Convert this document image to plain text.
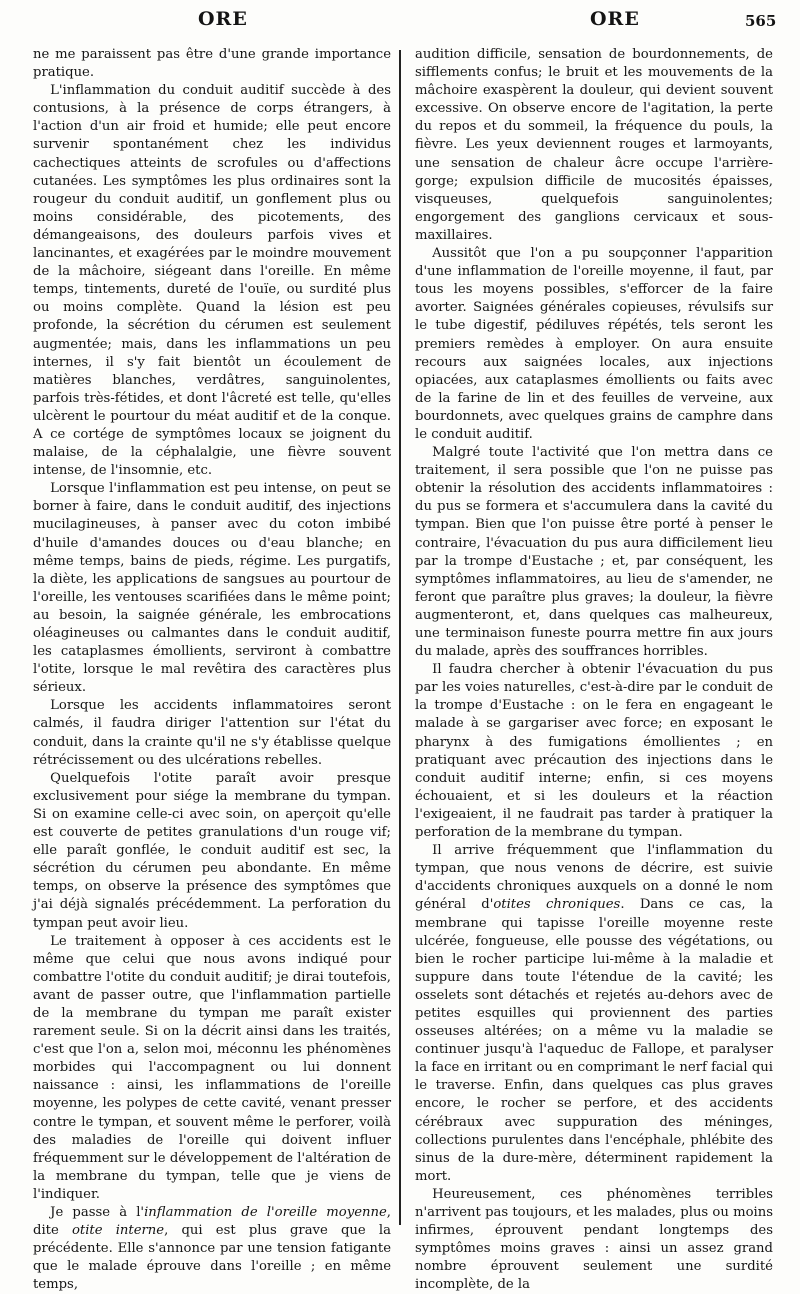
ORE	ORE	565

ne me paraissent pas être d'une grande importance pratique.

L'inflammation du conduit auditif succède à des contusions, à la présence de corps étrangers, à l'action d'un air froid et humide; elle peut encore survenir spontanément chez les individus cachectiques atteints de scrofules ou d'affections cutanées. Les symptômes les plus ordinaires sont la rougeur du conduit auditif, un gonflement plus ou moins considérable, des picotements, des démangeaisons, des douleurs parfois vives et lancinantes, et exagérées par le moindre mouvement de la mâchoire, siégeant dans l'oreille. En même temps, tintements, dureté de l'ouïe, ou surdité plus ou moins complète. Quand la lésion est peu profonde, la sécrétion du cérumen est seulement augmentée; mais, dans les inflammations un peu internes, il s'y fait bientôt un écoulement de matières blanches, verdâtres, sanguinolentes, parfois très-fétides, et dont l'âcreté est telle, qu'elles ulcèrent le pourtour du méat auditif et de la conque. A ce cortége de symptômes locaux se joignent du malaise, de la céphalalgie, une fièvre souvent intense, de l'insomnie, etc.

Lorsque l'inflammation est peu intense, on peut se borner à faire, dans le conduit auditif, des injections mucilagineuses, à panser avec du coton imbibé d'huile d'amandes douces ou d'eau blanche; en même temps, bains de pieds, régime. Les purgatifs, la diète, les applications de sangsues au pourtour de l'oreille, les ventouses scarifiées dans le même point; au besoin, la saignée générale, les embrocations oléagineuses ou calmantes dans le conduit auditif, les cataplasmes émollients, serviront à combattre l'otite, lorsque le mal revêtira des caractères plus sérieux.

Lorsque les accidents inflammatoires seront calmés, il faudra diriger l'attention sur l'état du conduit, dans la crainte qu'il ne s'y établisse quelque rétrécissement ou des ulcérations rebelles.

Quelquefois l'otite paraît avoir presque exclusivement pour siége la membrane du tympan. Si on examine celle-ci avec soin, on aperçoit qu'elle est couverte de petites granulations d'un rouge vif; elle paraît gonflée, le conduit auditif est sec, la sécrétion du cérumen peu abondante. En même temps, on observe la présence des symptômes que j'ai déjà signalés précédemment. La perforation du tympan peut avoir lieu.

Le traitement à opposer à ces accidents est le même que celui que nous avons indiqué pour combattre l'otite du conduit auditif; je dirai toutefois, avant de passer outre, que l'inflammation partielle de la membrane du tympan me paraît exister rarement seule. Si on la décrit ainsi dans les traités, c'est que l'on a, selon moi, méconnu les phénomènes morbides qui l'accompagnent ou lui donnent naissance : ainsi, les inflammations de l'oreille moyenne, les polypes de cette cavité, venant presser contre le tympan, et souvent même le perforer, voilà des maladies de l'oreille qui doivent influer fréquemment sur le développement de l'altération de la membrane du tympan, telle que je viens de l'indiquer.

Je passe à l'inflammation de l'oreille moyenne, dite otite interne, qui est plus grave que la précédente. Elle s'annonce par une tension fatigante que le malade éprouve dans l'oreille ; en même temps,

audition difficile, sensation de bourdonnements, de sifflements confus; le bruit et les mouvements de la mâchoire exaspèrent la douleur, qui devient souvent excessive. On observe encore de l'agitation, la perte du repos et du sommeil, la fréquence du pouls, la fièvre. Les yeux deviennent rouges et larmoyants, une sensation de chaleur âcre occupe l'arrière-gorge; expulsion difficile de mucosités épaisses, visqueuses, quelquefois sanguinolentes; engorgement des ganglions cervicaux et sous-maxillaires.

Aussitôt que l'on a pu soupçonner l'apparition d'une inflammation de l'oreille moyenne, il faut, par tous les moyens possibles, s'efforcer de la faire avorter. Saignées générales copieuses, révulsifs sur le tube digestif, pédiluves répétés, tels seront les premiers remèdes à employer. On aura ensuite recours aux saignées locales, aux injections opiacées, aux cataplasmes émollients ou faits avec de la farine de lin et des feuilles de verveine, aux bourdonnets, avec quelques grains de camphre dans le conduit auditif.

Malgré toute l'activité que l'on mettra dans ce traitement, il sera possible que l'on ne puisse pas obtenir la résolution des accidents inflammatoires : du pus se formera et s'accumulera dans la cavité du tympan. Bien que l'on puisse être porté à penser le contraire, l'évacuation du pus aura difficilement lieu par la trompe d'Eustache ; et, par conséquent, les symptômes inflammatoires, au lieu de s'amender, ne feront que paraître plus graves; la douleur, la fièvre augmenteront, et, dans quelques cas malheureux, une terminaison funeste pourra mettre fin aux jours du malade, après des souffrances horribles.

Il faudra chercher à obtenir l'évacuation du pus par les voies naturelles, c'est-à-dire par le conduit de la trompe d'Eustache : on le fera en engageant le malade à se gargariser avec force; en exposant le pharynx à des fumigations émollientes ; en pratiquant avec précaution des injections dans le conduit auditif interne; enfin, si ces moyens échouaient, et si les douleurs et la réaction l'exigeaient, il ne faudrait pas tarder à pratiquer la perforation de la membrane du tympan.

Il arrive fréquemment que l'inflammation du tympan, que nous venons de décrire, est suivie d'accidents chroniques auxquels on a donné le nom général d'otites chroniques. Dans ce cas, la membrane qui tapisse l'oreille moyenne reste ulcérée, fongueuse, elle pousse des végétations, ou bien le rocher participe lui-même à la maladie et suppure dans toute l'étendue de la cavité; les osselets sont détachés et rejetés au-dehors avec de petites esquilles qui proviennent des parties osseuses altérées; on a même vu la maladie se continuer jusqu'à l'aqueduc de Fallope, et paralyser la face en irritant ou en comprimant le nerf facial qui le traverse. Enfin, dans quelques cas plus graves encore, le rocher se perfore, et des accidents cérébraux avec suppuration des méninges, collections purulentes dans l'encéphale, phlébite des sinus de la dure-mère, déterminent rapidement la mort.

Heureusement, ces phénomènes terribles n'arrivent pas toujours, et les malades, plus ou moins infirmes, éprouvent pendant longtemps des symptômes moins graves : ainsi un assez grand nombre éprouvent seulement une surdité incomplète, de la
